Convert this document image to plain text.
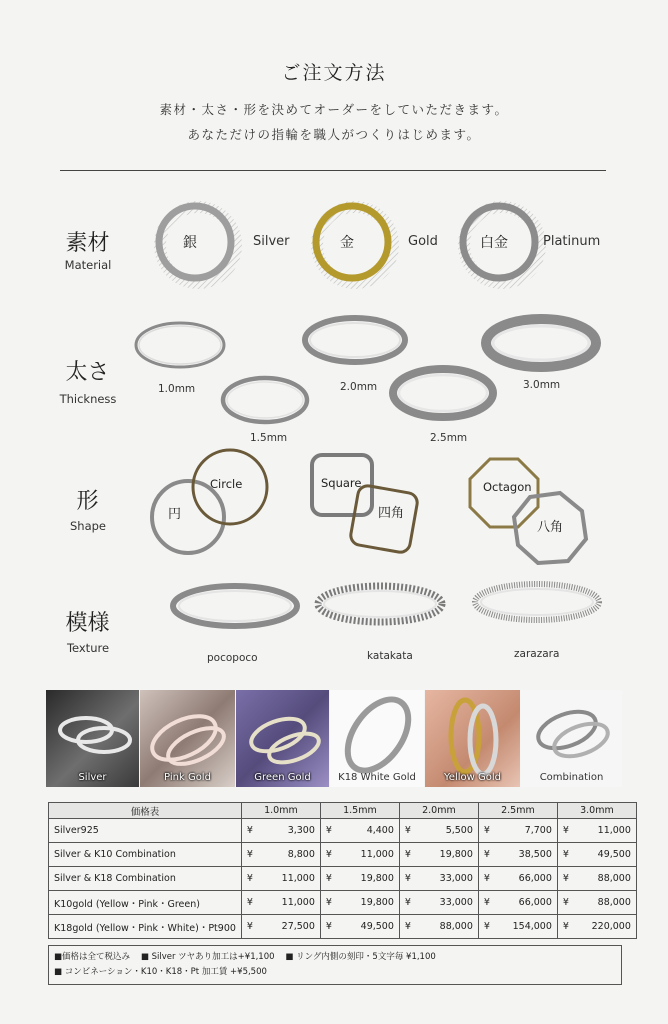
ご注文方法
素材・太さ・形を決めてオーダーをしていただきます。
あなただけの指輪を職人がつくりはじめます。
素材
Material
太さ
Thickness
形
Shape
模様
Texture
銀	Silver	金	Gold	白金	Platinum
1.0mm
1.5mm
2.0mm
2.5mm
3.0mm
Circle
円
Square
四角
Octagon
八角
pocopoco	katakata	zarazara
Silver	Pink Gold	Green Gold	K18 White Gold	Yellow Gold	Combination
価格表	1.0mm	1.5mm	2.0mm	2.5mm	3.0mm
Silver925	¥ 3,300	¥ 4,400	¥ 5,500	¥ 7,700	¥ 11,000
Silver & K10 Combination	¥ 8,800	¥ 11,000	¥ 19,800	¥ 38,500	¥ 49,500
Silver & K18 Combination	¥ 11,000	¥ 19,800	¥ 33,000	¥ 66,000	¥ 88,000
K10gold (Yellow・Pink・Green)	¥ 11,000	¥ 19,800	¥ 33,000	¥ 66,000	¥ 88,000
K18gold (Yellow・Pink・White)・Pt900	¥ 27,500	¥ 49,500	¥ 88,000	¥ 154,000	¥ 220,000
■価格は全て税込み ■ Silver ツヤあり加工は+¥1,100 ■ リング内側の刻印・5文字毎 ¥1,100
■ コンビネーション・K10・K18・Pt 加工賃 +¥5,500
